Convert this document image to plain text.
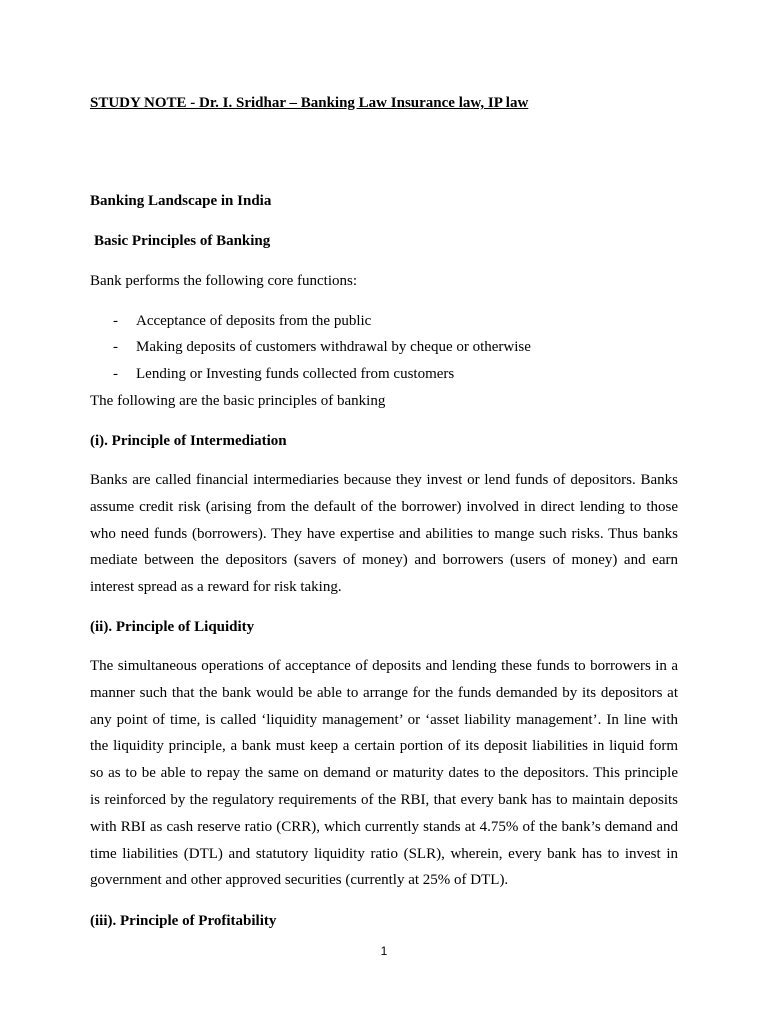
STUDY NOTE - Dr. I. Sridhar – Banking Law Insurance law, IP law
Banking Landscape in India
Basic Principles of Banking
Bank performs the following core functions:
- Acceptance of deposits from the public
- Making deposits of customers withdrawal by cheque or otherwise
- Lending or Investing funds collected from customers
The following are the basic principles of banking
(i). Principle of Intermediation
Banks are called financial intermediaries because they invest or lend funds of depositors. Banks
assume credit risk (arising from the default of the borrower) involved in direct lending to those
who need funds (borrowers). They have expertise and abilities to mange such risks. Thus banks
mediate between the depositors (savers of money) and borrowers (users of money) and earn
interest spread as a reward for risk taking.
(ii). Principle of Liquidity
The simultaneous operations of acceptance of deposits and lending these funds to borrowers in a
manner such that the bank would be able to arrange for the funds demanded by its depositors at
any point of time, is called ‘liquidity management’ or ‘asset liability management’. In line with
the liquidity principle, a bank must keep a certain portion of its deposit liabilities in liquid form
so as to be able to repay the same on demand or maturity dates to the depositors. This principle
is reinforced by the regulatory requirements of the RBI, that every bank has to maintain deposits
with RBI as cash reserve ratio (CRR), which currently stands at 4.75% of the bank’s demand and
time liabilities (DTL) and statutory liquidity ratio (SLR), wherein, every bank has to invest in
government and other approved securities (currently at 25% of DTL).
(iii). Principle of Profitability
1
